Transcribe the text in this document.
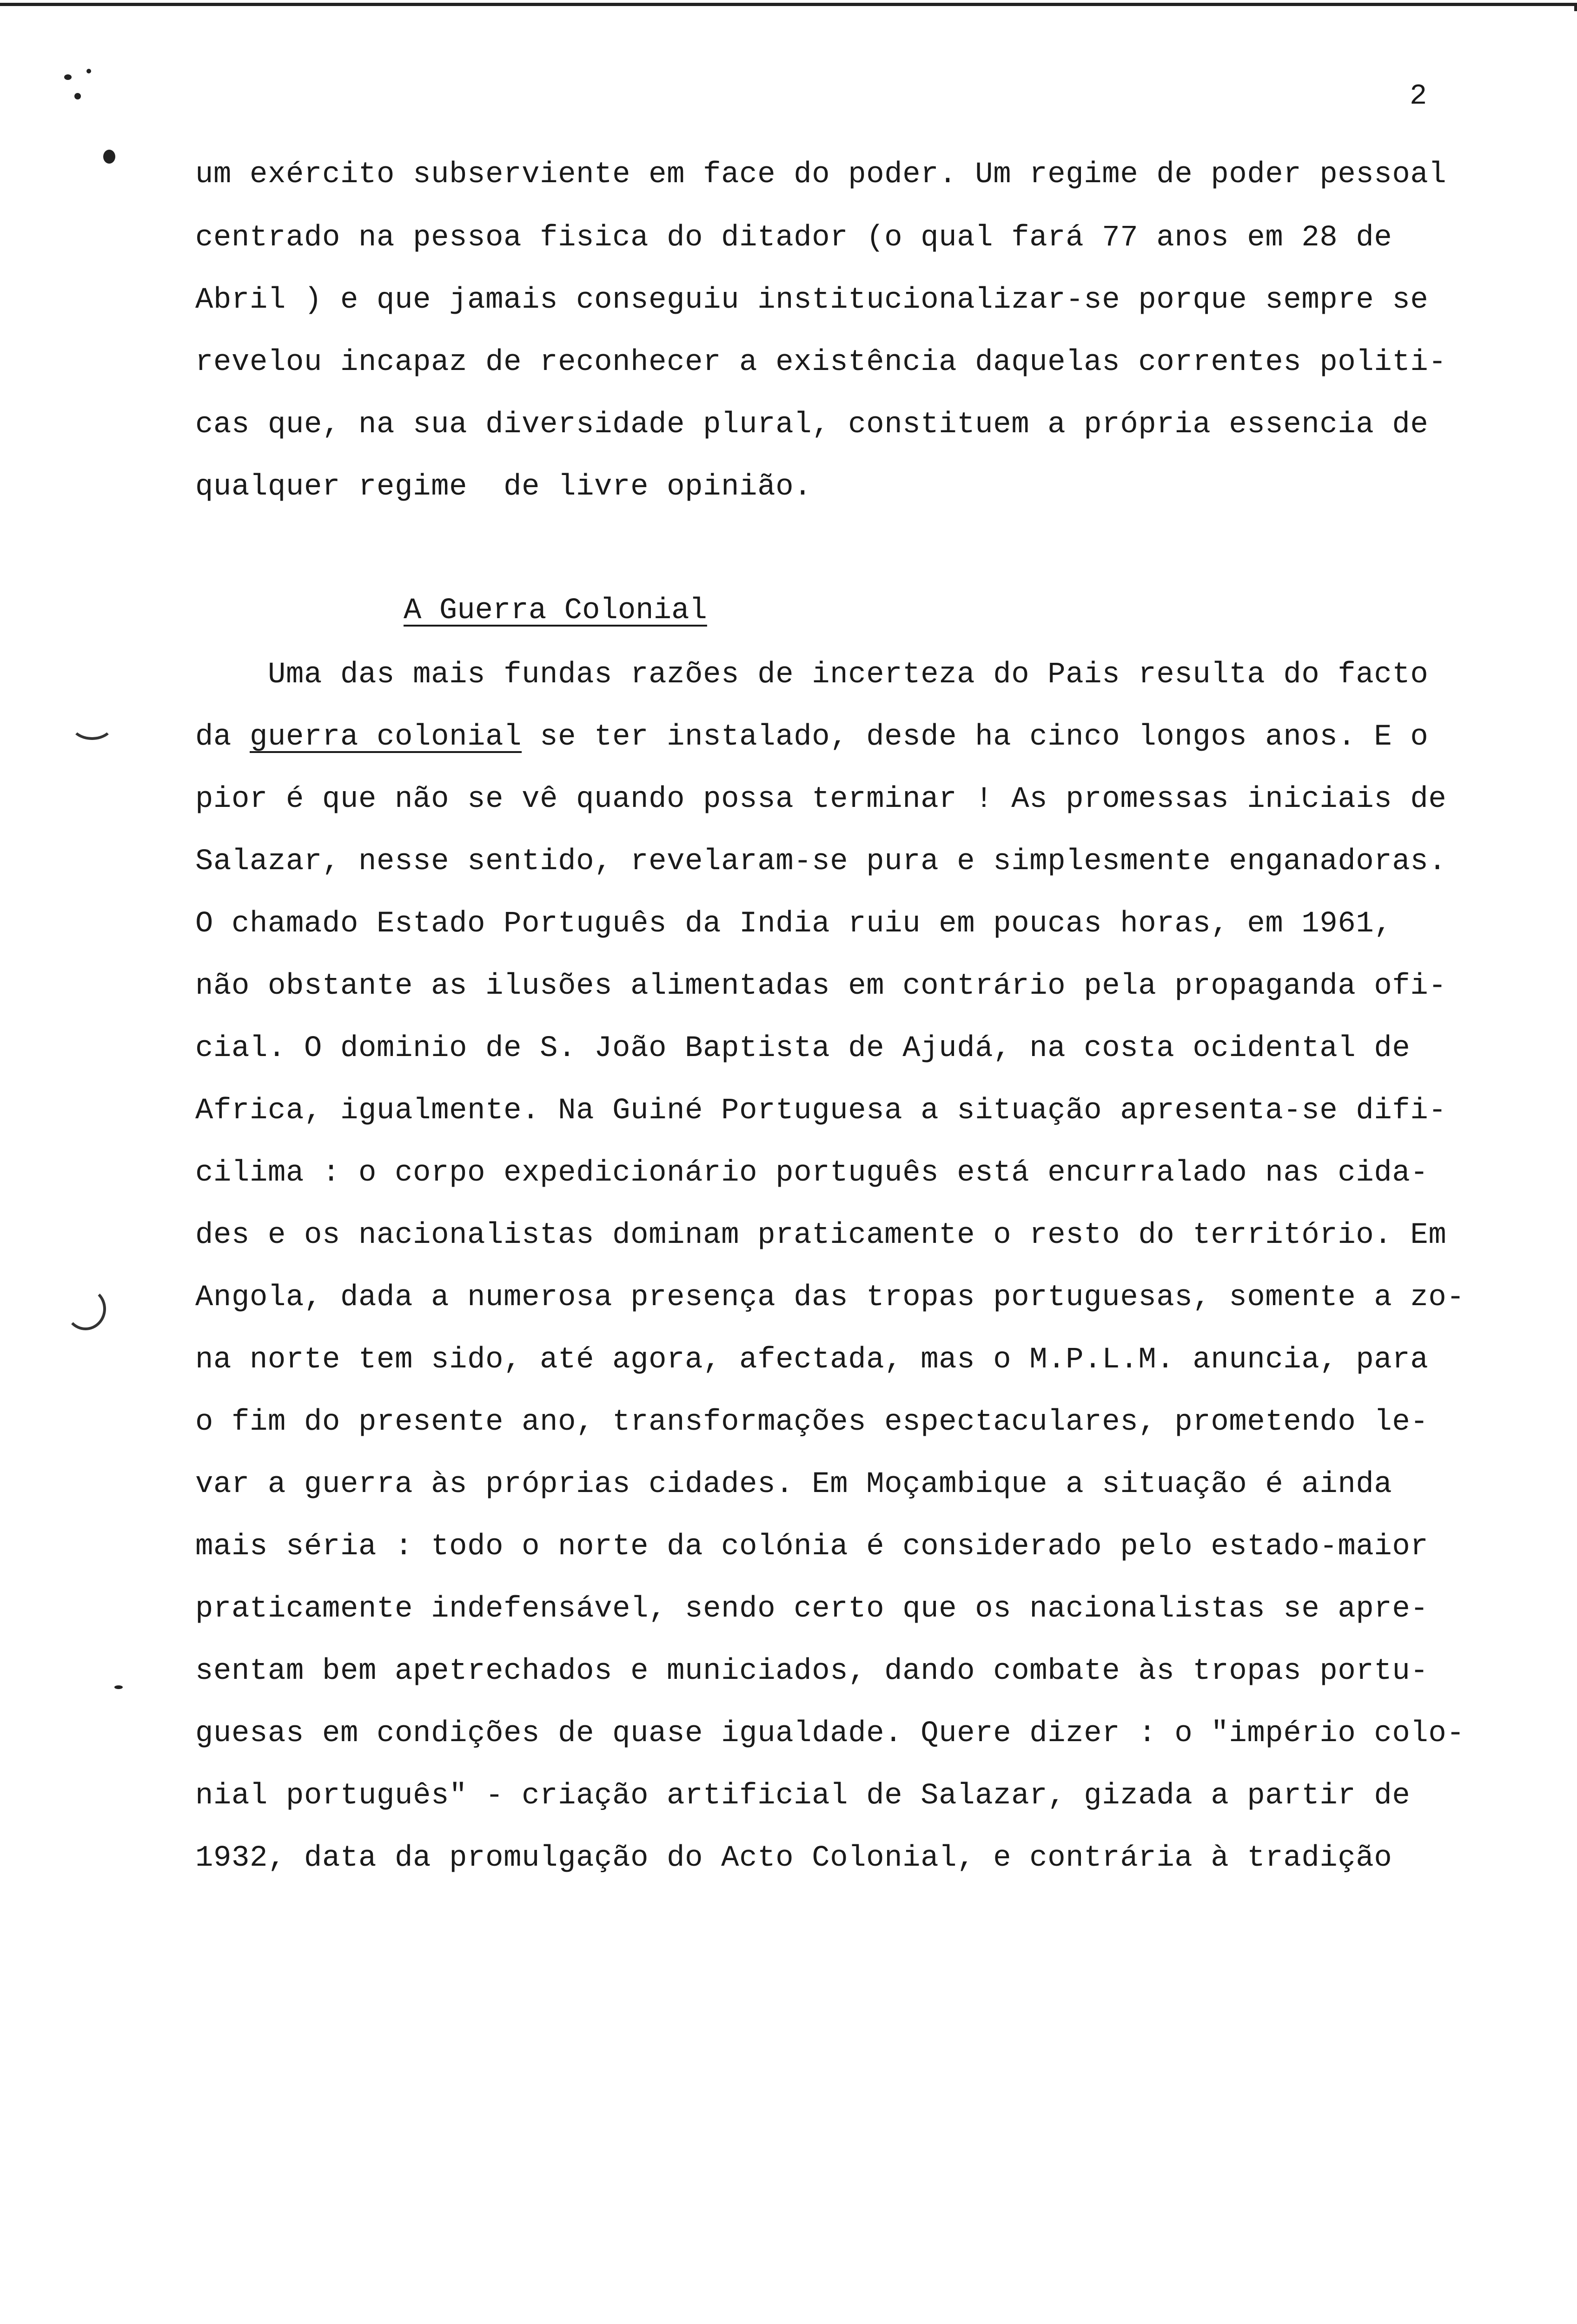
2
um exército subserviente em face do poder. Um regime de poder pessoal
centrado na pessoa fisica do ditador (o qual fará 77 anos em 28 de
Abril ) e que jamais conseguiu institucionalizar-se porque sempre se
revelou incapaz de reconhecer a existência daquelas correntes politi-
cas que, na sua diversidade plural, constituem a própria essencia de
qualquer regime  de livre opinião.
A Guerra Colonial
Uma das mais fundas razões de incerteza do Pais resulta do facto
da guerra colonial se ter instalado, desde ha cinco longos anos. E o
pior é que não se vê quando possa terminar ! As promessas iniciais de
Salazar, nesse sentido, revelaram-se pura e simplesmente enganadoras.
O chamado Estado Português da India ruiu em poucas horas, em 1961,
não obstante as ilusões alimentadas em contrário pela propaganda ofi-
cial. O dominio de S. João Baptista de Ajudá, na costa ocidental de
Africa, igualmente. Na Guiné Portuguesa a situação apresenta-se difi-
cilima : o corpo expedicionário português está encurralado nas cida-
des e os nacionalistas dominam praticamente o resto do território. Em
Angola, dada a numerosa presença das tropas portuguesas, somente a zo-
na norte tem sido, até agora, afectada, mas o M.P.L.M. anuncia, para
o fim do presente ano, transformações espectaculares, prometendo le-
var a guerra às próprias cidades. Em Moçambique a situação é ainda
mais séria : todo o norte da colónia é considerado pelo estado-maior
praticamente indefensável, sendo certo que os nacionalistas se apre-
sentam bem apetrechados e municiados, dando combate às tropas portu-
guesas em condições de quase igualdade. Quere dizer : o "império colo-
nial português" - criação artificial de Salazar, gizada a partir de
1932, data da promulgação do Acto Colonial, e contrária à tradição
